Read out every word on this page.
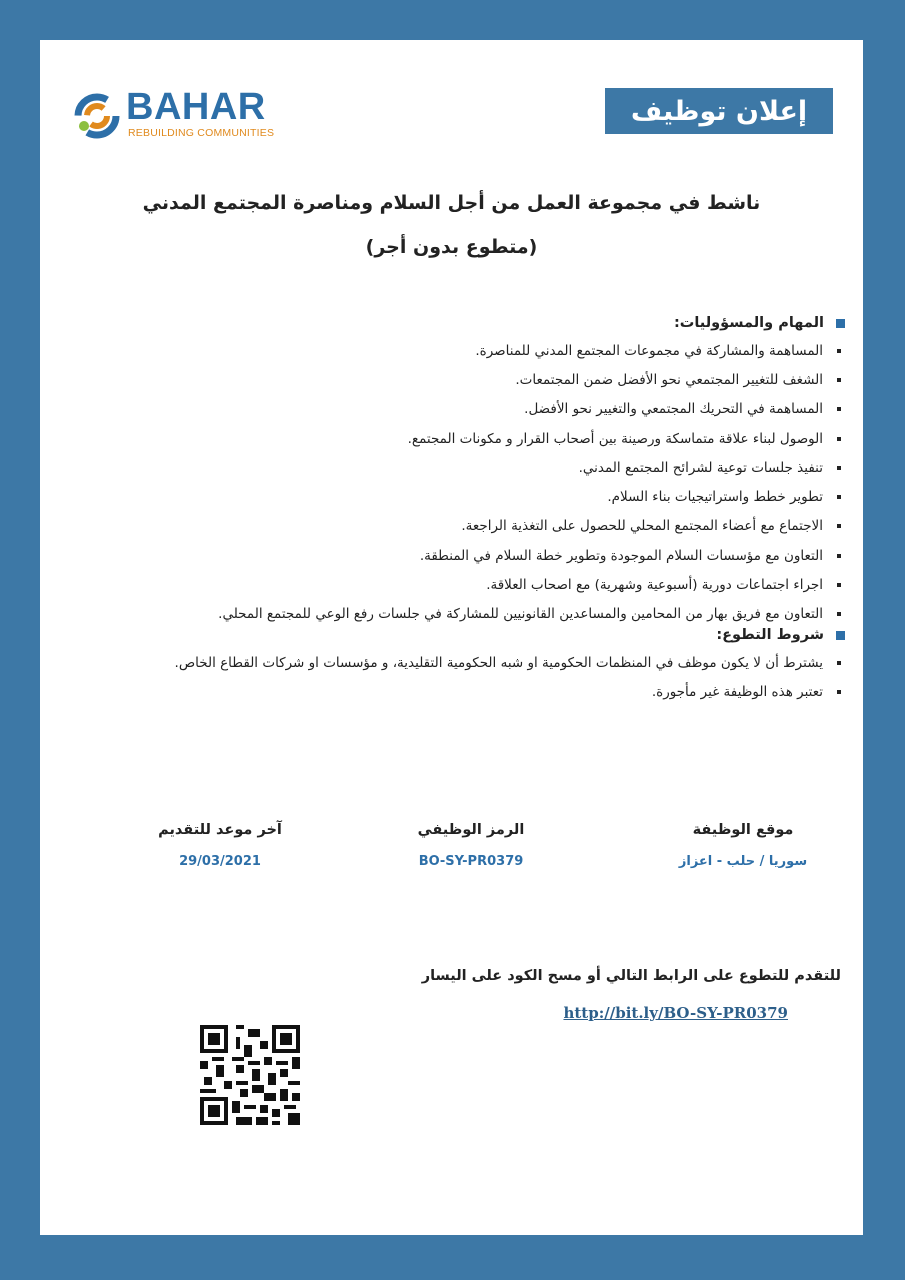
BAHAR
REBUILDING COMMUNITIES
إعلان توظيف
ناشط في مجموعة العمل من أجل السلام ومناصرة المجتمع المدني
(متطوع بدون أجر)
المهام والمسؤوليات:
المساهمة والمشاركة في مجموعات المجتمع المدني للمناصرة.
الشغف للتغيير المجتمعي نحو الأفضل ضمن المجتمعات.
المساهمة في التحريك المجتمعي والتغيير نحو الأفضل.
الوصول لبناء علاقة متماسكة ورصينة بين أصحاب القرار و مكونات المجتمع.
تنفيذ جلسات توعية لشرائح المجتمع المدني.
تطوير خطط واستراتيجيات بناء السلام.
الاجتماع مع أعضاء المجتمع المحلي للحصول على التغذية الراجعة.
التعاون مع مؤسسات السلام الموجودة وتطوير خطة السلام في المنطقة.
اجراء اجتماعات دورية (أسبوعية وشهرية) مع اصحاب العلاقة.
التعاون مع فريق بهار من المحامين والمساعدين القانونيين للمشاركة في جلسات رفع الوعي للمجتمع المحلي.
شروط التطوع:
يشترط أن لا يكون موظف في المنظمات الحكومية او شبه الحكومية التقليدية، و مؤسسات او شركات القطاع الخاص.
تعتبر هذه الوظيفة غير مأجورة.
موقع الوظيفة
سوريا / حلب - اعزاز
الرمز الوظيفي
BO-SY-PR0379
آخر موعد للتقديم
29/03/2021
للتقدم للتطوع على الرابط التالي أو مسح الكود على اليسار
http://bit.ly/BO-SY-PR0379
